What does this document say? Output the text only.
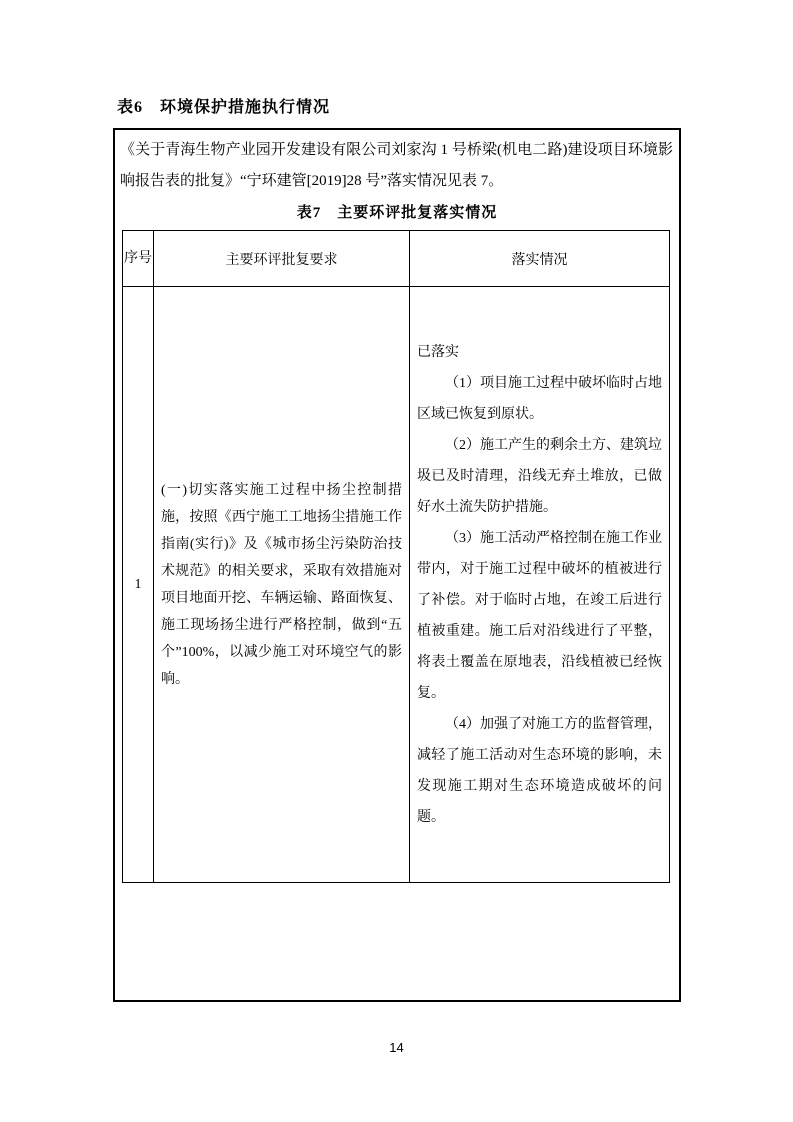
表6　环境保护措施执行情况

《关于青海生物产业园开发建设有限公司刘家沟 1 号桥梁(机电二路)建设项目环境影响报告表的批复》“宁环建管[2019]28 号”落实情况见表 7。

表7　主要环评批复落实情况
序号	主要环评批复要求	落实情况
1	(一)切实落实施工过程中扬尘控制措施，按照《西宁施工工地扬尘措施工作指南(实行)》及《城市扬尘污染防治技术规范》的相关要求，采取有效措施对项目地面开挖、车辆运输、路面恢复、施工现场扬尘进行严格控制，做到“五个”100%，以减少施工对环境空气的影响。	已落实

（1）项目施工过程中破坏临时占地区域已恢复到原状。

（2）施工产生的剩余土方、建筑垃圾已及时清理，沿线无弃土堆放，已做好水土流失防护措施。

（3）施工活动严格控制在施工作业带内，对于施工过程中破坏的植被进行了补偿。对于临时占地，在竣工后进行植被重建。施工后对沿线进行了平整，将表土覆盖在原地表，沿线植被已经恢复。

（4）加强了对施工方的监督管理，减轻了施工活动对生态环境的影响，未发现施工期对生态环境造成破坏的问题。

14
